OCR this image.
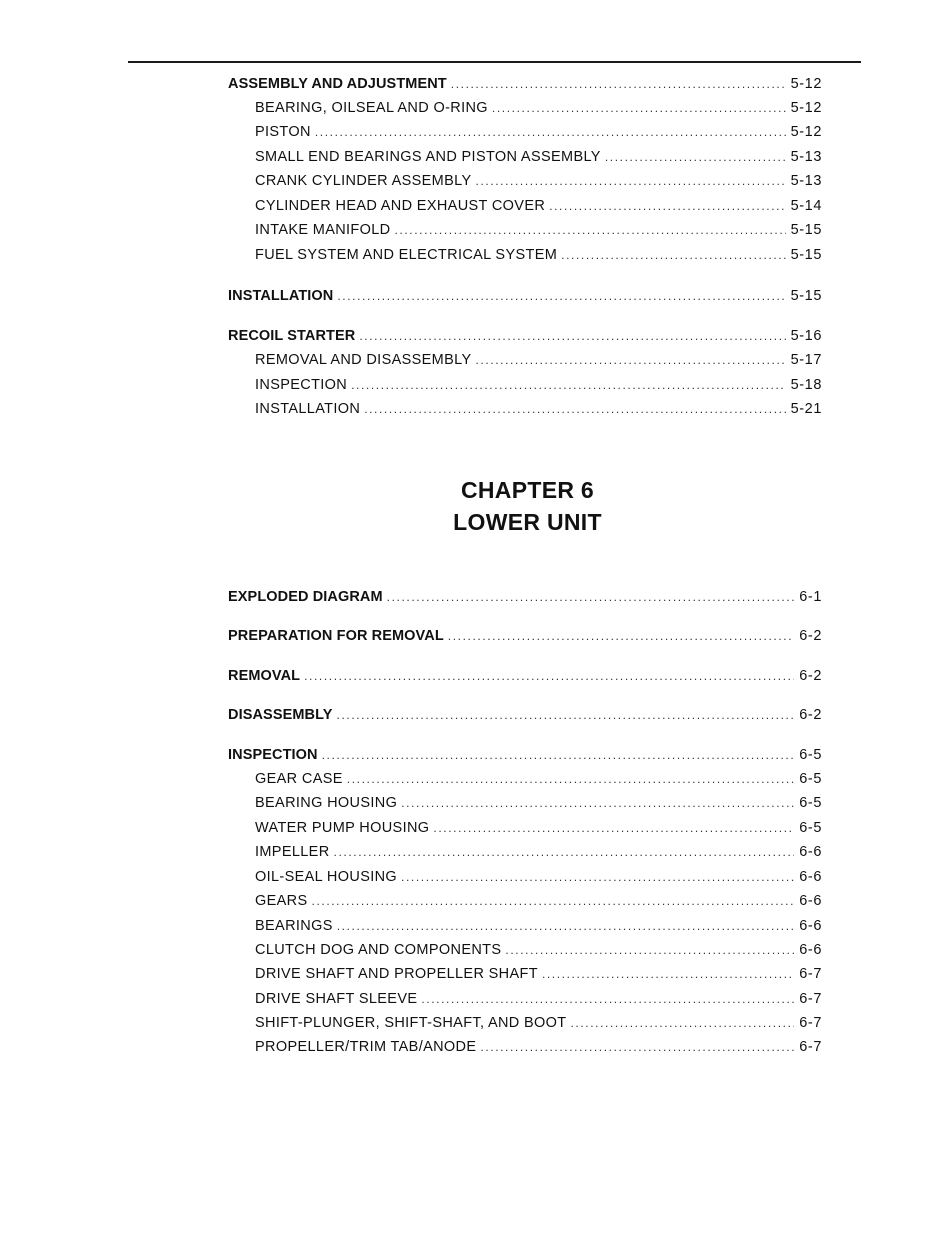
ASSEMBLY AND ADJUSTMENT .....	5-12
BEARING, OILSEAL AND O-RING .....	5-12
PISTON .....	5-12
SMALL END BEARINGS AND PISTON ASSEMBLY .....	5-13
CRANK CYLINDER ASSEMBLY .....	5-13
CYLINDER HEAD AND EXHAUST COVER .....	5-14
INTAKE MANIFOLD .....	5-15
FUEL SYSTEM AND ELECTRICAL SYSTEM .....	5-15
INSTALLATION .....	5-15
RECOIL STARTER .....	5-16
REMOVAL AND DISASSEMBLY .....	5-17
INSPECTION .....	5-18
INSTALLATION .....	5-21
CHAPTER 6
LOWER UNIT
EXPLODED DIAGRAM .....	6-1
PREPARATION FOR REMOVAL .....	6-2
REMOVAL .....	6-2
DISASSEMBLY .....	6-2
INSPECTION .....	6-5
GEAR CASE .....	6-5
BEARING HOUSING .....	6-5
WATER PUMP HOUSING .....	6-5
IMPELLER .....	6-6
OIL-SEAL HOUSING .....	6-6
GEARS .....	6-6
BEARINGS .....	6-6
CLUTCH DOG AND COMPONENTS .....	6-6
DRIVE SHAFT AND PROPELLER SHAFT .....	6-7
DRIVE SHAFT SLEEVE .....	6-7
SHIFT-PLUNGER, SHIFT-SHAFT, AND BOOT .....	6-7
PROPELLER/TRIM TAB/ANODE .....	6-7
